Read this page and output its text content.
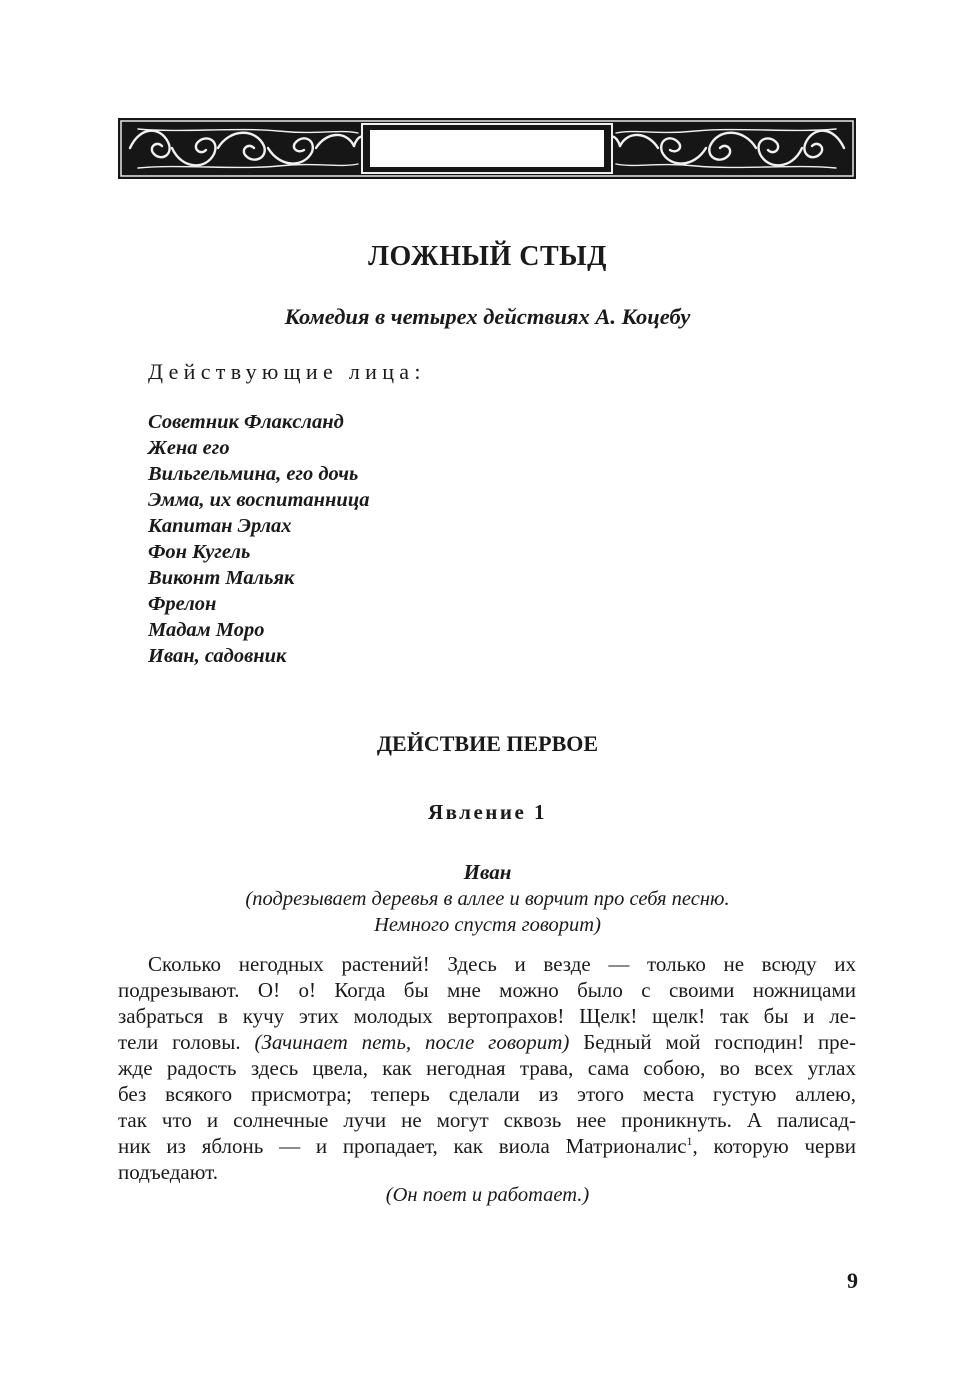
ЛОЖНЫЙ СТЫД
Комедия в четырех действиях А. Коцебу
Действующие лица:
Советник Флакcланд
Жена его
Вильгельмина, его дочь
Эмма, их воспитанница
Капитан Эрлах
Фон Кугель
Виконт Мальяк
Фрелон
Мадам Моро
Иван, садовник
ДЕЙСТВИЕ ПЕРВОЕ
Явление 1
Иван
(подрезывает деревья в аллее и ворчит про себя песню.
Немного спустя говорит)
Сколько негодных растений! Здесь и везде — только не всюду их
подрезывают. О! о! Когда бы мне можно было с своими ножницами
забраться в кучу этих молодых вертопрахов! Щелк! щелк! так бы и ле-
тели головы. (Зачинает петь, после говорит) Бедный мой господин! пре-
жде радость здесь цвела, как негодная трава, сама собою, во всех углах
без всякого присмотра; теперь сделали из этого места густую аллею,
так что и солнечные лучи не могут сквозь нее проникнуть. А палисад-
ник из яблонь — и пропадает, как виола Матрионалис$^1$, которую черви
подъедают.
(Он поет и работает.)
9
